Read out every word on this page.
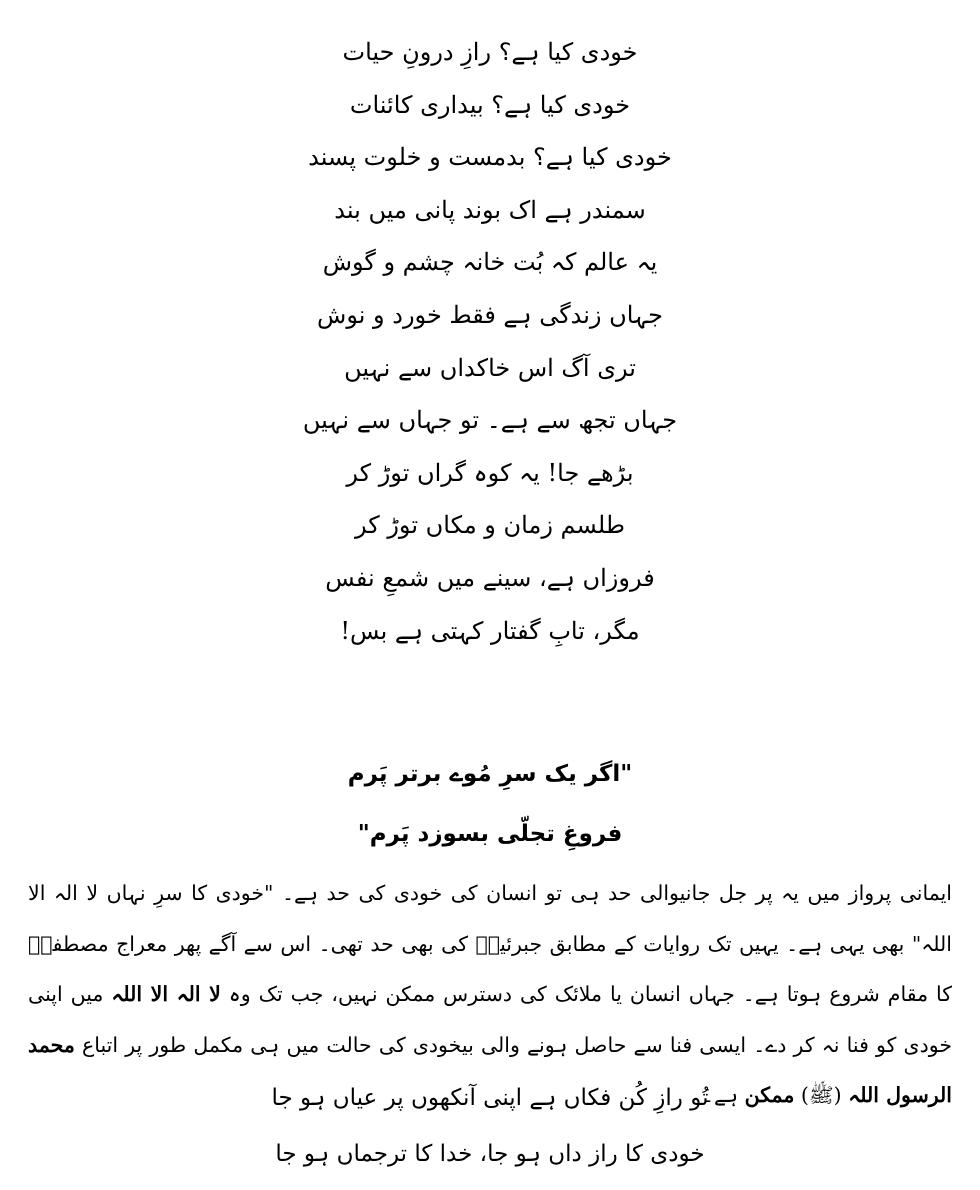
خودی کیا ہے؟ رازِ درونِ حیات
خودی کیا ہے؟ بیداری کائنات
خودی کیا ہے؟ بدمست و خلوت پسند
سمندر ہے اک بوند پانی میں بند
یہ عالم کہ بُت خانہ چشم و گوش
جہاں زندگی ہے فقط خورد و نوش
تری آگ اس خاکداں سے نہیں
جہاں تجھ سے ہے۔ تو جہاں سے نہیں
بڑھے جا! یہ کوہ گراں توڑ کر
طلسم زمان و مکاں توڑ کر
فروزاں ہے، سینے میں شمعِ نفس
مگر، تابِ گفتار کہتی ہے بس!
"اگر یک سرِ مُوے برتر پَرم
فروغِ تجلّی بسوزد پَرم"

ایمانی پرواز میں یہ پر جل جانیوالی حد ہی تو انسان کی خودی کی حد ہے۔ "خودی کا سرِ نہاں لا الہ الا اللہ" بھی یہی ہے۔ یہیں تک روایات کے مطابق جبرئیلؑ کی بھی حد تھی۔ اس سے آگے پھر معراج مصطفیؐ کا مقام شروع ہوتا ہے۔ جہاں انسان یا ملائک کی دسترس ممکن نہیں، جب تک وہ لا الہ الا اللہ میں اپنی خودی کو فنا نہ کر دے۔ ایسی فنا سے حاصل ہونے والی بیخودی کی حالت میں ہی مکمل طور پر اتباع محمد الرسول اللہ (ﷺ) ممکن ہے۔

تُو رازِ کُن فکاں ہے اپنی آنکھوں پر عیاں ہو جا
خودی کا راز داں ہو جا، خدا کا ترجماں ہو جا
